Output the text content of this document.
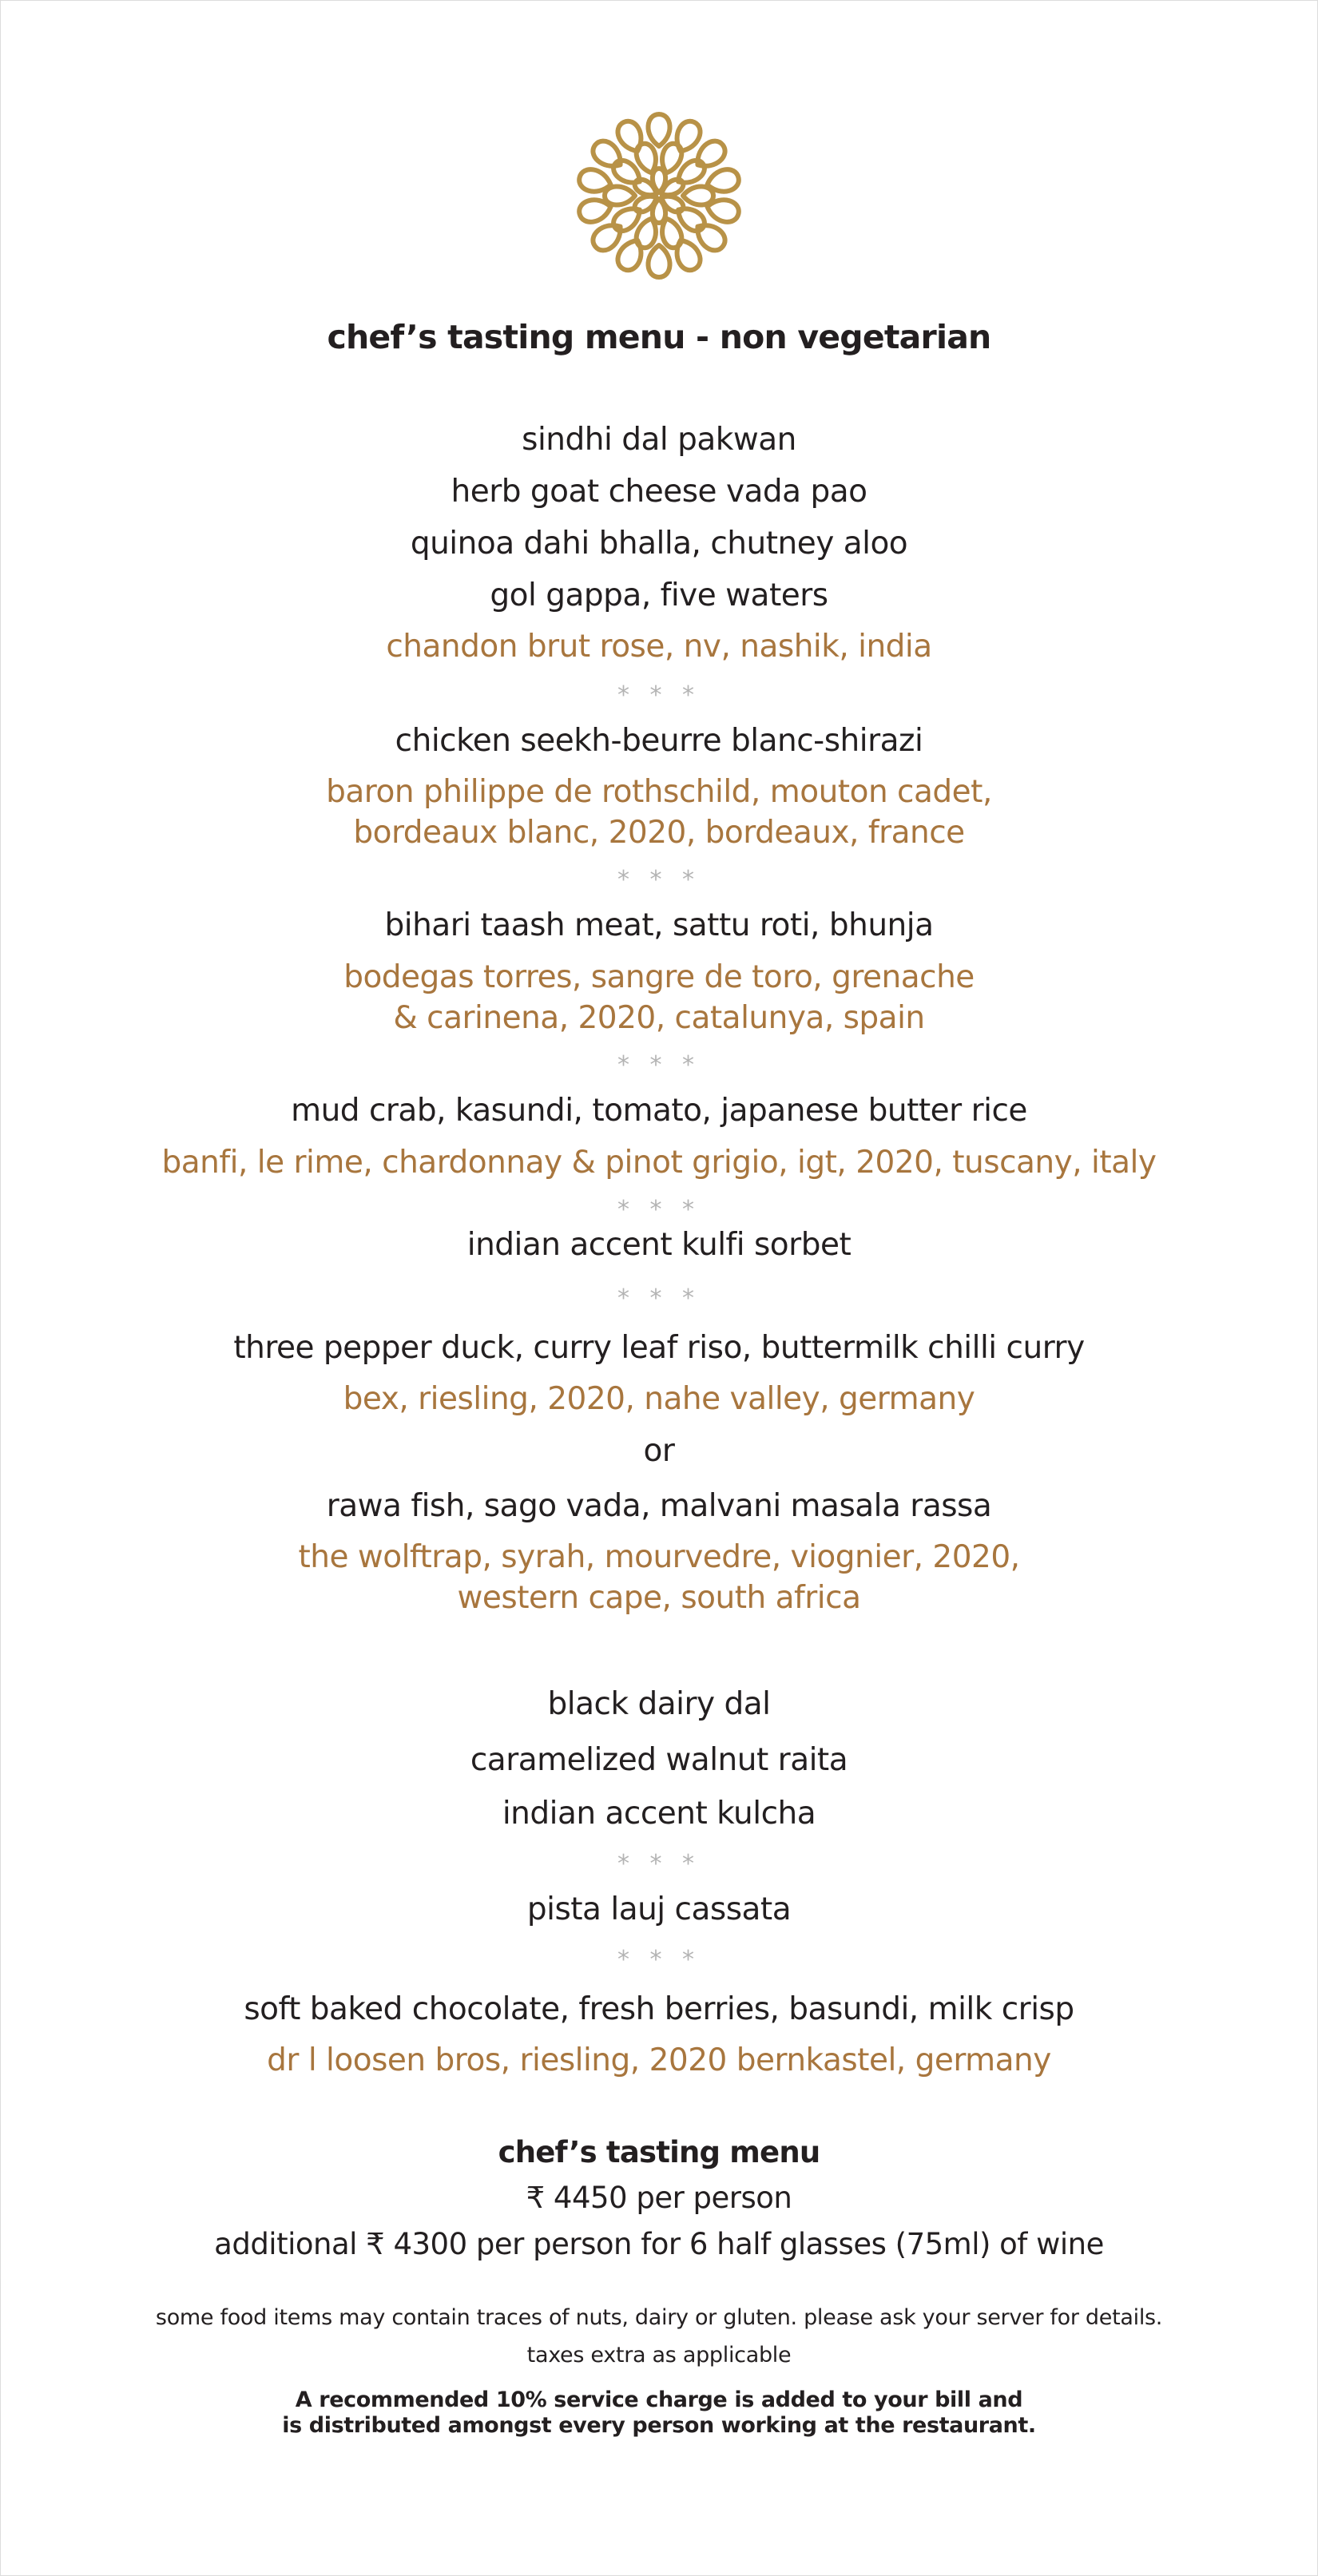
chef’s tasting menu - non vegetarian
sindhi dal pakwan
herb goat cheese vada pao
quinoa dahi bhalla, chutney aloo
gol gappa, five waters
chandon brut rose, nv, nashik, india
* * *
chicken seekh-beurre blanc-shirazi
baron philippe de rothschild, mouton cadet,
bordeaux blanc, 2020, bordeaux, france
* * *
bihari taash meat, sattu roti, bhunja
bodegas torres, sangre de toro, grenache
& carinena, 2020, catalunya, spain
* * *
mud crab, kasundi, tomato, japanese butter rice
banfi, le rime, chardonnay & pinot grigio, igt, 2020, tuscany, italy
* * *
indian accent kulfi sorbet
* * *
three pepper duck, curry leaf riso, buttermilk chilli curry
bex, riesling, 2020, nahe valley, germany
or
rawa fish, sago vada, malvani masala rassa
the wolftrap, syrah, mourvedre, viognier, 2020,
western cape, south africa
black dairy dal
caramelized walnut raita
indian accent kulcha
* * *
pista lauj cassata
* * *
soft baked chocolate, fresh berries, basundi, milk crisp
dr l loosen bros, riesling, 2020 bernkastel, germany
chef’s tasting menu
₹ 4450 per person
additional ₹ 4300 per person for 6 half glasses (75ml) of wine
some food items may contain traces of nuts, dairy or gluten. please ask your server for details.
taxes extra as applicable
A recommended 10% service charge is added to your bill and
is distributed amongst every person working at the restaurant.
